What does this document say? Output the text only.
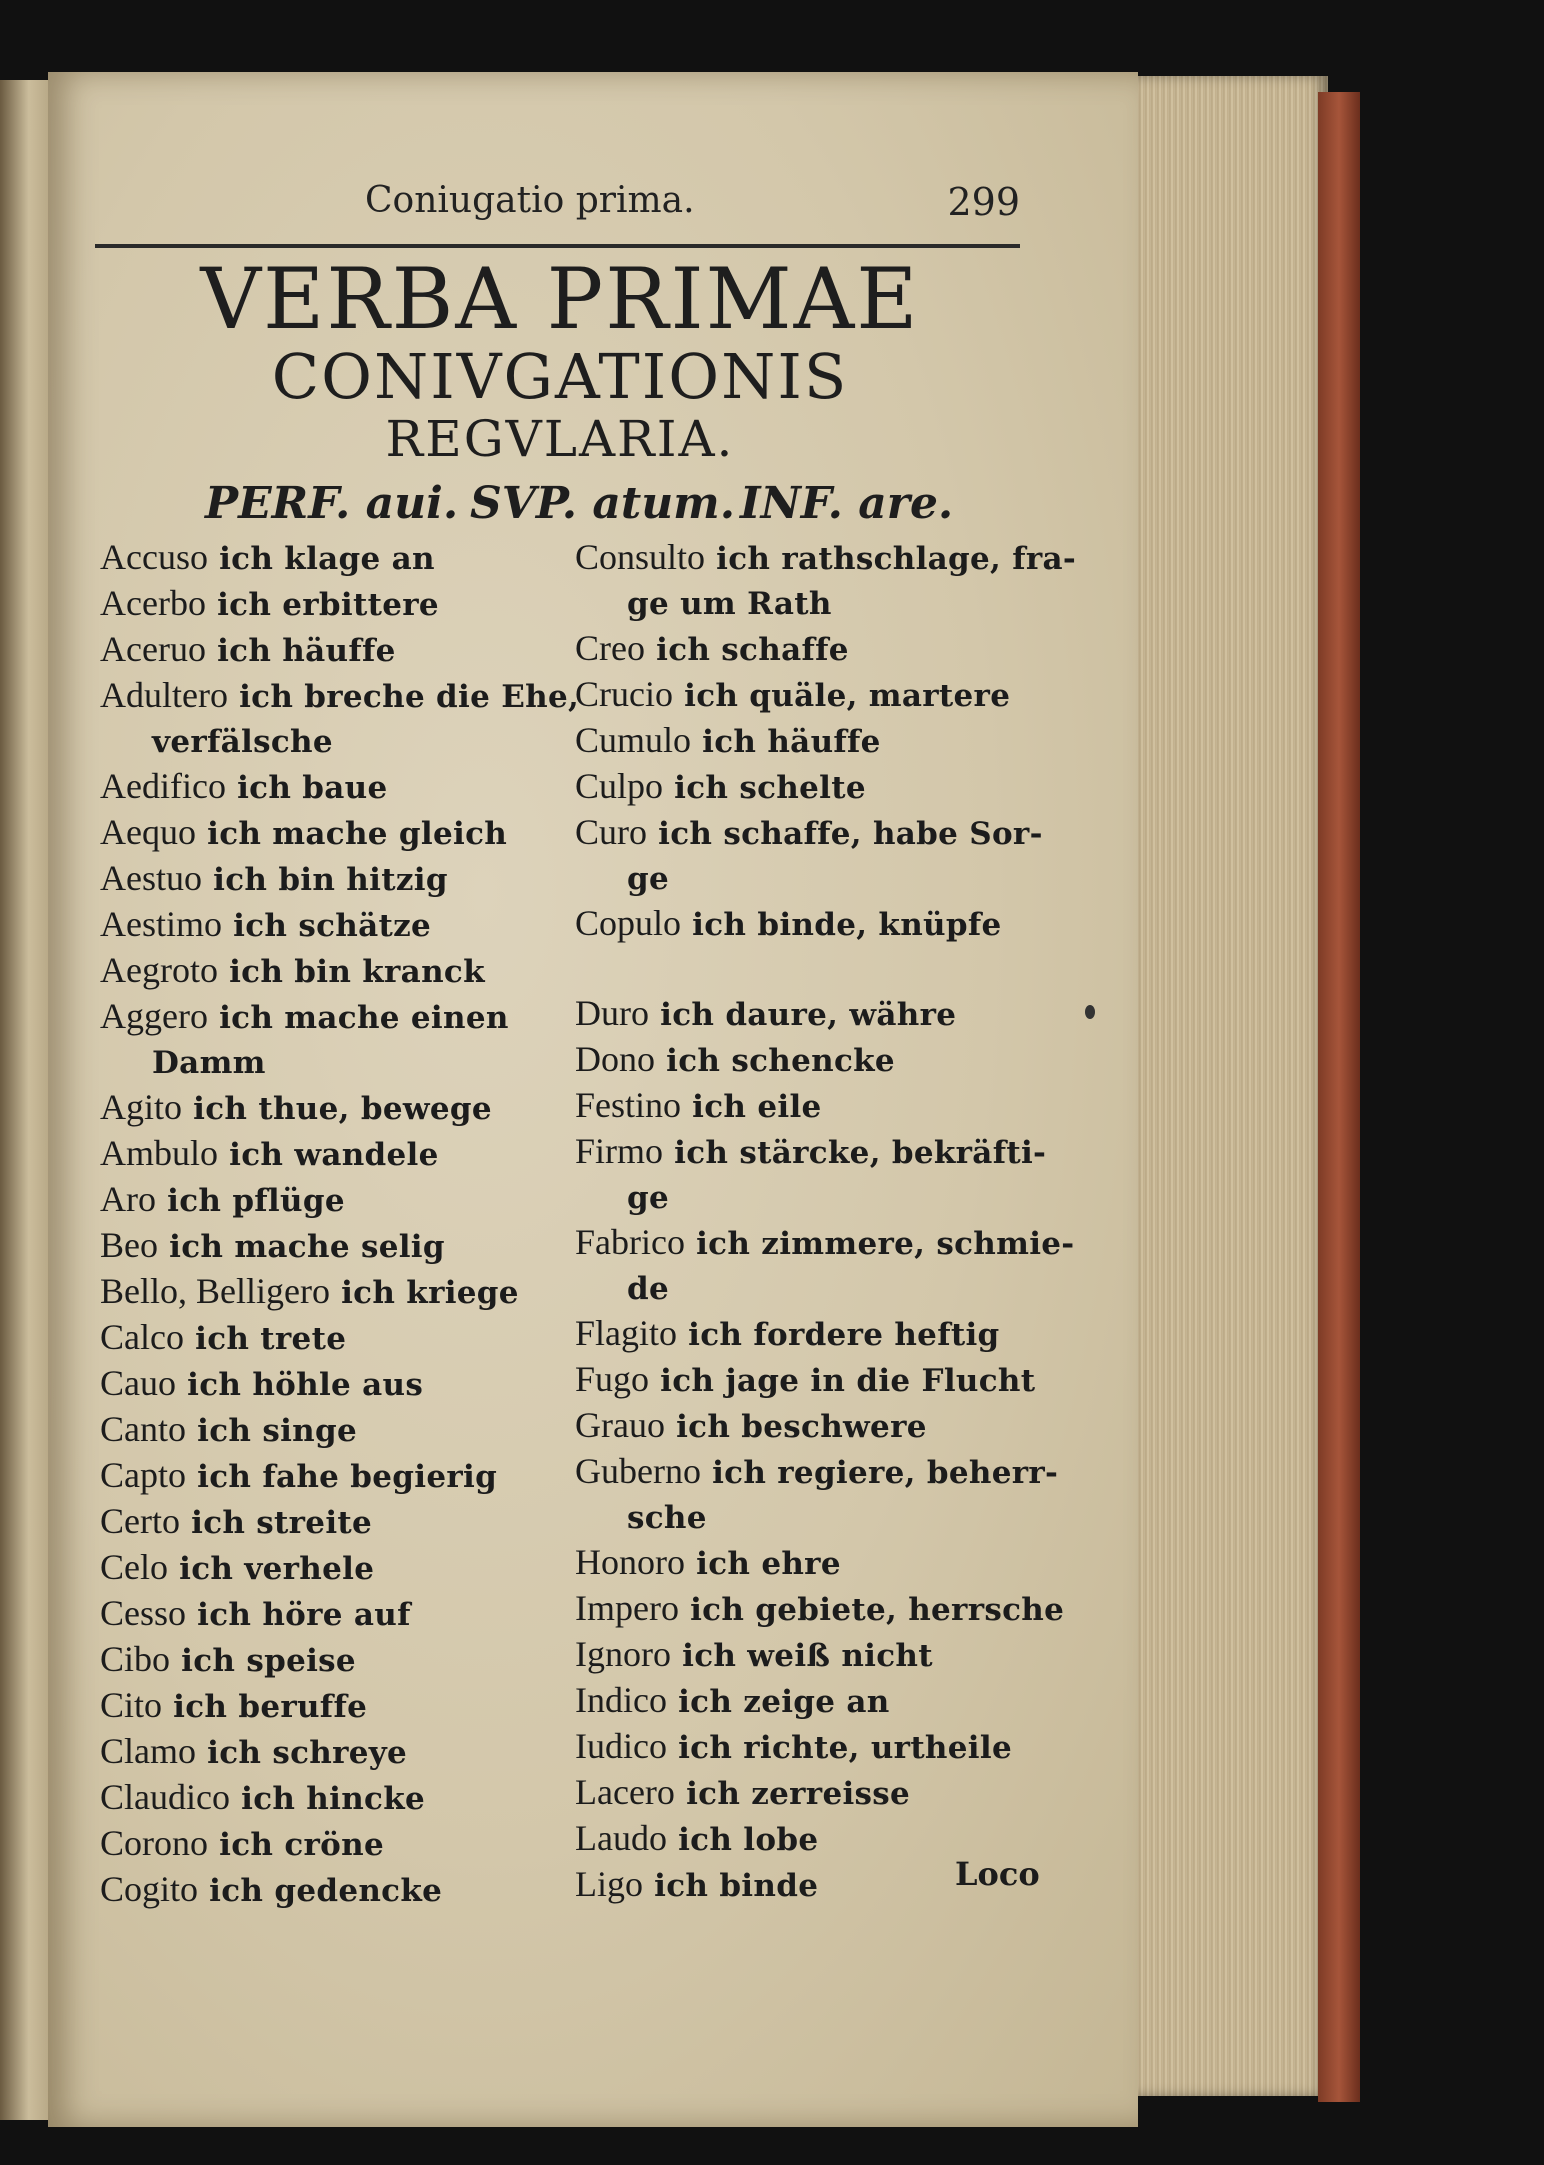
Coniugatio prima.	299
VERBA PRIMAE
CONIVGATIONIS
REGVLARIA.
PERF. aui. SVP. atum. INF. are.
Accuso ich klage an
Acerbo ich erbittere
Aceruo ich häuffe
Adultero ich breche die Ehe,
verfälsche
Aedifico ich baue
Aequo ich mache gleich
Aestuo ich bin hitzig
Aestimo ich schätze
Aegroto ich bin kranck
Aggero ich mache einen
Damm
Agito ich thue, bewege
Ambulo ich wandele
Aro ich pflüge
Beo ich mache selig
Bello, Belligero ich kriege
Calco ich trete
Cauo ich höhle aus
Canto ich singe
Capto ich fahe begierig
Certo ich streite
Celo ich verhele
Cesso ich höre auf
Cibo ich speise
Cito ich beruffe
Clamo ich schreye
Claudico ich hincke
Corono ich cröne
Cogito ich gedencke
Consulto ich rathschlage, fra-
ge um Rath
Creo ich schaffe
Crucio ich quäle, martere
Cumulo ich häuffe
Culpo ich schelte
Curo ich schaffe, habe Sor-
ge
Copulo ich binde, knüpfe
Duro ich daure, währe
Dono ich schencke
Festino ich eile
Firmo ich stärcke, bekräfti-
ge
Fabrico ich zimmere, schmie-
de
Flagito ich fordere heftig
Fugo ich jage in die Flucht
Grauo ich beschwere
Guberno ich regiere, beherr-
sche
Honoro ich ehre
Impero ich gebiete, herrsche
Ignoro ich weiß nicht
Indico ich zeige an
Iudico ich richte, urtheile
Lacero ich zerreisse
Laudo ich lobe
Ligo ich binde	Loco
